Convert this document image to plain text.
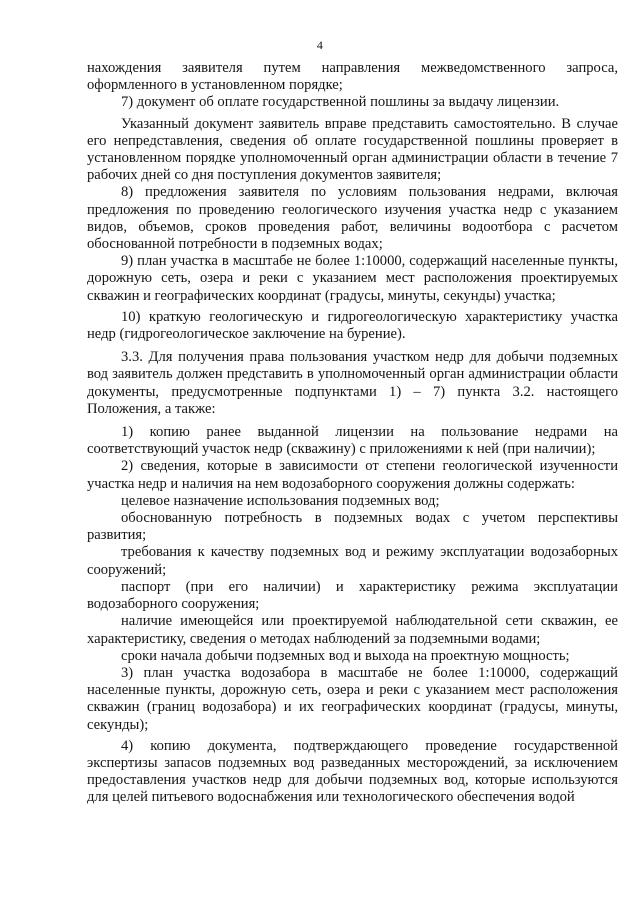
4

нахождения заявителя путем направления межведомственного запроса, оформленного в установленном порядке;

7) документ об оплате государственной пошлины за выдачу лицензии.

Указанный документ заявитель вправе представить самостоятельно. В случае его непредставления, сведения об оплате государственной пошлины проверяет в установленном порядке уполномоченный орган администрации области в течение 7 рабочих дней со дня поступления документов заявителя;

8) предложения заявителя по условиям пользования недрами, включая предложения по проведению геологического изучения участка недр с указанием видов, объемов, сроков проведения работ, величины водоотбора с расчетом обоснованной потребности в подземных водах;

9) план участка в масштабе не более 1:10000, содержащий населенные пункты, дорожную сеть, озера и реки с указанием мест расположения проектируемых скважин и географических координат (градусы, минуты, секунды) участка;

10) краткую геологическую и гидрогеологическую характеристику участка недр (гидрогеологическое заключение на бурение).

3.3. Для получения права пользования участком недр для добычи подземных вод заявитель должен представить в уполномоченный орган администрации области документы, предусмотренные подпунктами 1) – 7) пункта 3.2. настоящего Положения, а также:

1) копию ранее выданной лицензии на пользование недрами на соответствующий участок недр (скважину) с приложениями к ней (при наличии);

2) сведения, которые в зависимости от степени геологической изученности участка недр и наличия на нем водозаборного сооружения должны содержать:

целевое назначение использования подземных вод;

обоснованную потребность в подземных водах с учетом перспективы развития;

требования к качеству подземных вод и режиму эксплуатации водозаборных сооружений;

паспорт (при его наличии) и характеристику режима эксплуатации водозаборного сооружения;

наличие имеющейся или проектируемой наблюдательной сети скважин, ее характеристику, сведения о методах наблюдений за подземными водами;

сроки начала добычи подземных вод и выхода на проектную мощность;

3) план участка водозабора в масштабе не более 1:10000, содержащий населенные пункты, дорожную сеть, озера и реки с указанием мест расположения скважин (границ водозабора) и их географических координат (градусы, минуты, секунды);

4) копию документа, подтверждающего проведение государственной экспертизы запасов подземных вод разведанных месторождений, за исключением предоставления участков недр для добычи подземных вод, которые используются для целей питьевого водоснабжения или технологического обеспечения водой
